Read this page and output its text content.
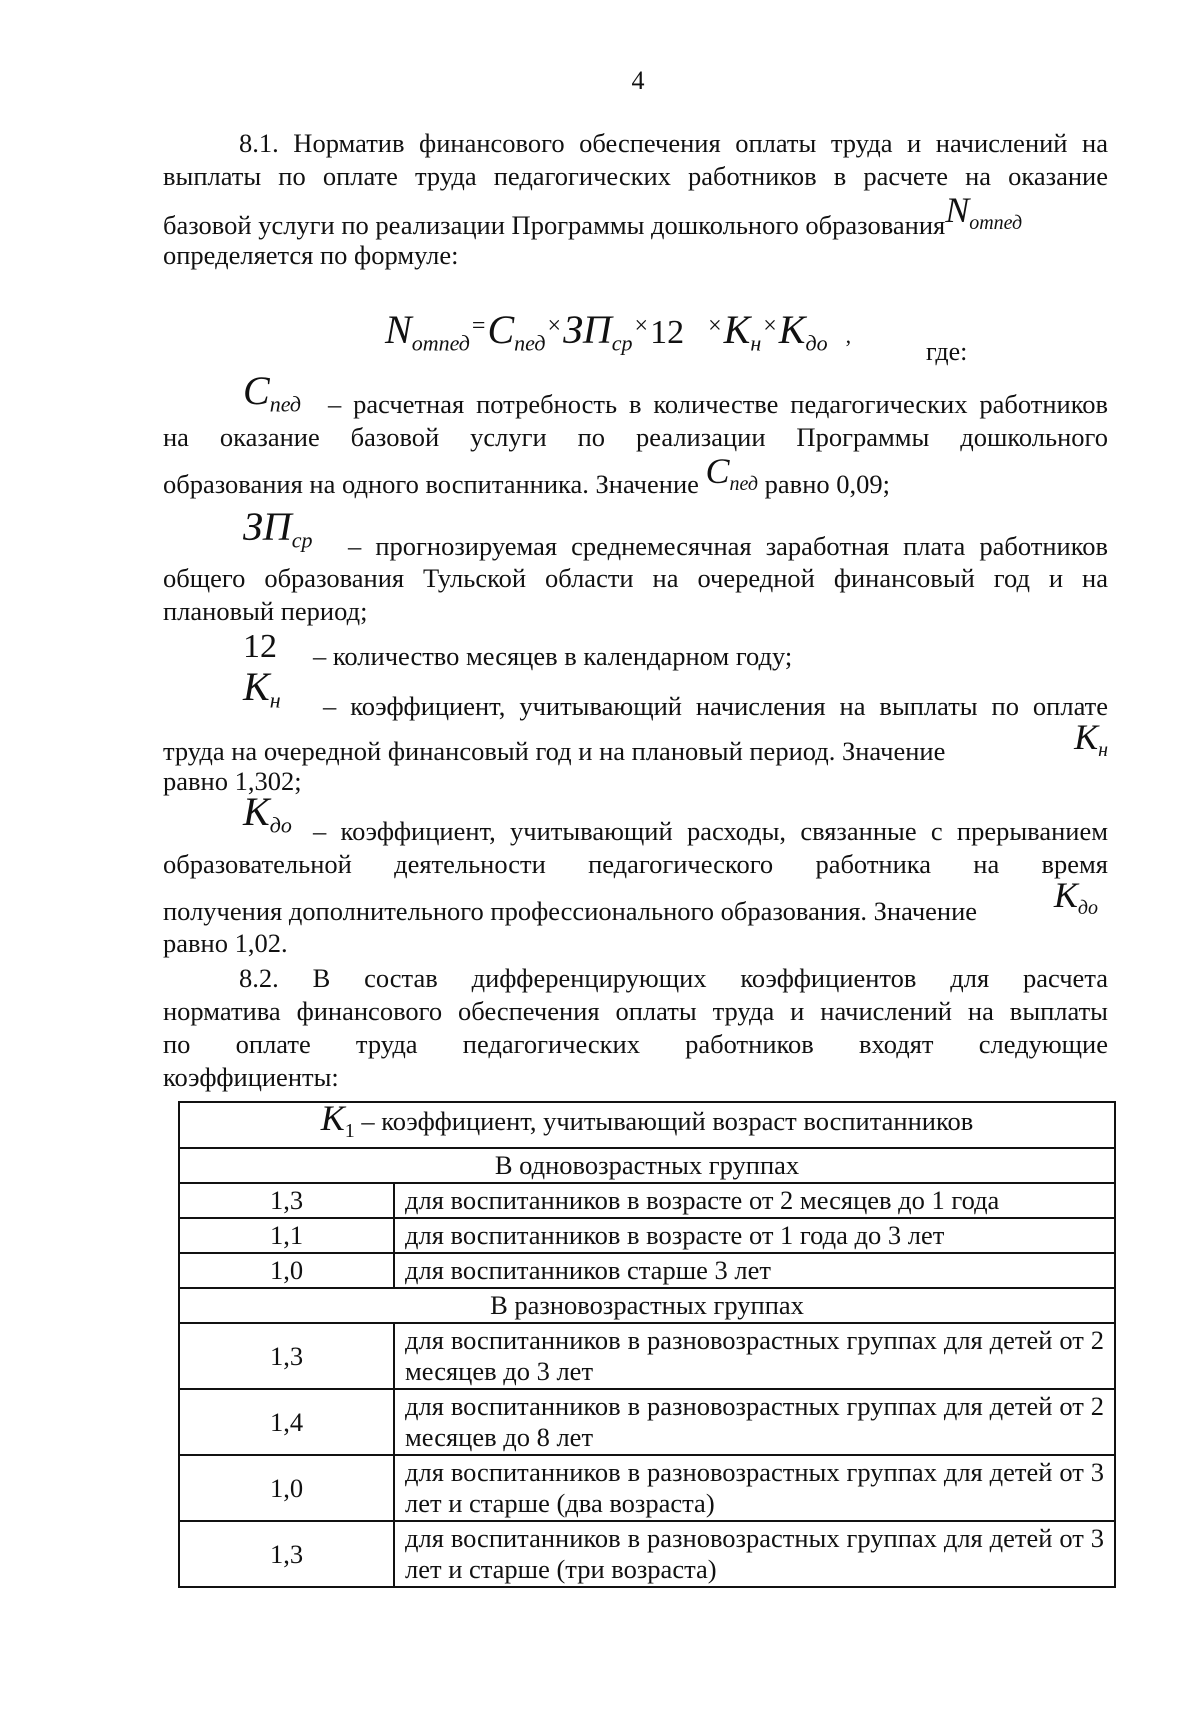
4
8.1. Норматив финансового обеспечения оплаты труда и начислений на
выплаты по оплате труда педагогических работников в расчете на оказание
базовой услуги по реализации Программы дошкольного образованияN$_{отпед}$
определяется по формуле:
$N_{отпед}^=C_{пед}^\times ЗП_{ср}^\times 12$ $^\times K_н^\times K_{до}$ ,
где:
$C_{пед}$	– расчетная потребность в количестве педагогических работников
на оказание базовой услуги по реализации Программы дошкольного
образования на одного воспитанника. Значение $C_{пед}$ равно 0,09;
$ЗП_{ср}$	– прогнозируемая среднемесячная заработная плата работников
общего образования Тульской области на очередной финансовый год и на
плановый период;
12	– количество месяцев в календарном году;
$K_н$	– коэффициент, учитывающий начисления на выплаты по оплате
труда на очередной финансовый год и на плановый период. Значение	$K_н$
равно 1,302;
$K_{до}$ – коэффициент, учитывающий расходы, связанные с прерыванием
образовательной деятельности педагогического работника на время
получения дополнительного профессионального образования. Значение $K_{до}$
равно 1,02.
8.2. В состав дифференцирующих коэффициентов для расчета
норматива финансового обеспечения оплаты труда и начислений на выплаты
по оплате труда педагогических работников входят следующие
коэффициенты:
$K_1$ – коэффициент, учитывающий возраст воспитанников	
В одновозрастных группах	
1,3	для воспитанников в возрасте от 2 месяцев до 1 года
1,1	для воспитанников в возрасте от 1 года до 3 лет
1,0	для воспитанников старше 3 лет
В разновозрастных группах	
1,3	для воспитанников в разновозрастных группах для детей от 2 месяцев до 3 лет
1,4	для воспитанников в разновозрастных группах для детей от 2 месяцев до 8 лет
1,0	для воспитанников в разновозрастных группах для детей от 3 лет и старше (два возраста)
1,3	для воспитанников в разновозрастных группах для детей от 3 лет и старше (три возраста)
